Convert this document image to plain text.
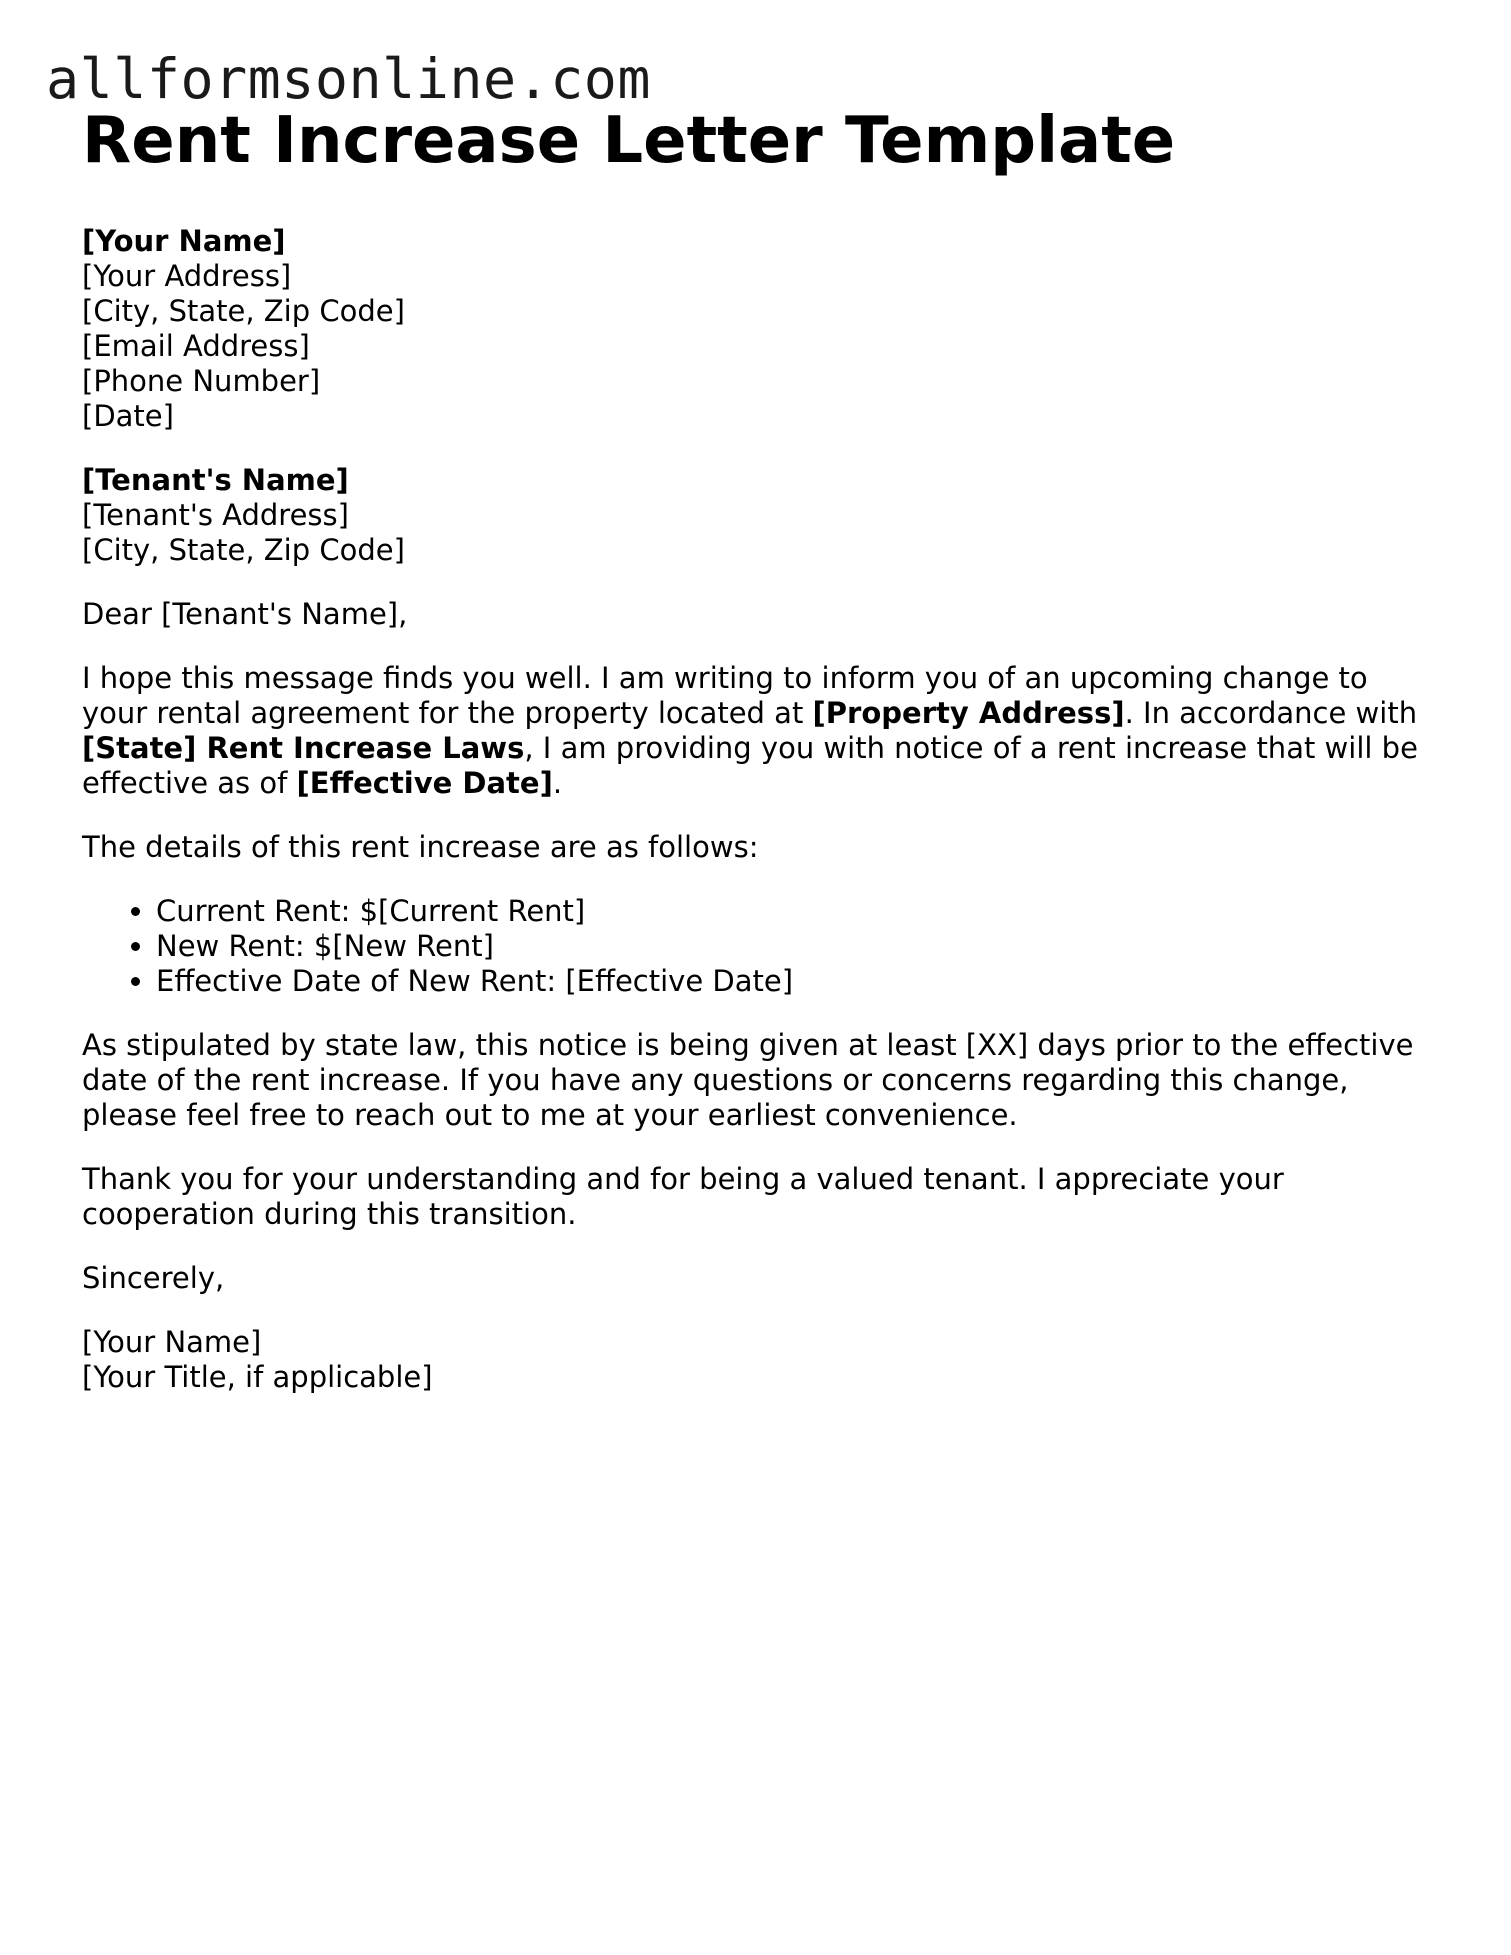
allformsonline.com
Rent Increase Letter Template
[Your Name]
[Your Address]
[City, State, Zip Code]
[Email Address]
[Phone Number]
[Date]
[Tenant's Name]
[Tenant's Address]
[City, State, Zip Code]

Dear [Tenant's Name],

I hope this message finds you well. I am writing to inform you of an upcoming change to your rental agreement for the property located at [Property Address]. In accordance with [State] Rent Increase Laws, I am providing you with notice of a rent increase that will be effective as of [Effective Date].

The details of this rent increase are as follows:

• Current Rent: $[Current Rent]
• New Rent: $[New Rent]
• Effective Date of New Rent: [Effective Date]

As stipulated by state law, this notice is being given at least [XX] days prior to the effective date of the rent increase. If you have any questions or concerns regarding this change, please feel free to reach out to me at your earliest convenience.

Thank you for your understanding and for being a valued tenant. I appreciate your cooperation during this transition.

Sincerely,

[Your Name]
[Your Title, if applicable]
